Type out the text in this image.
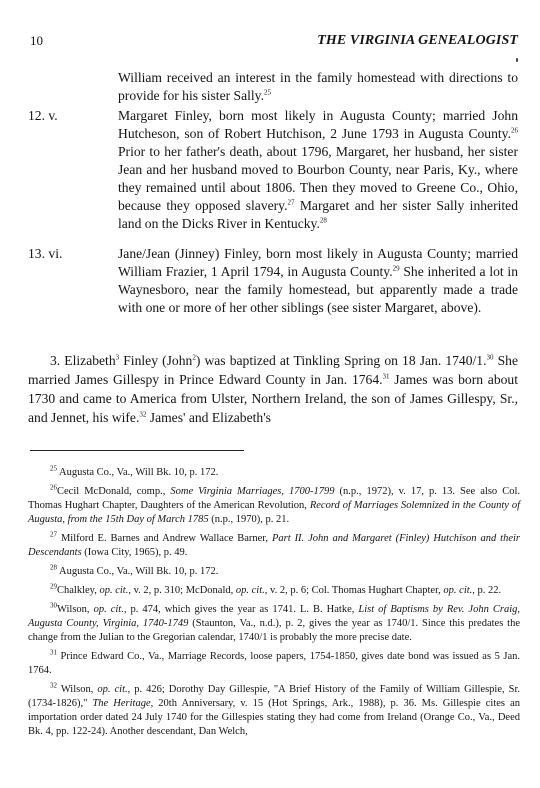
10	THE VIRGINIA GENEALOGIST
William received an interest in the family homestead with directions to provide for his sister Sally.$^{25}$
12. v.	Margaret Finley, born most likely in Augusta County; married John Hutcheson, son of Robert Hutchison, 2 June 1793 in Augusta County.$^{26}$ Prior to her father's death, about 1796, Margaret, her husband, her sister Jean and her husband moved to Bourbon County, near Paris, Ky., where they remained until about 1806. Then they moved to Greene Co., Ohio, because they opposed slavery.$^{27}$ Margaret and her sister Sally inherited land on the Dicks River in Kentucky.$^{28}$
13. vi.	Jane/Jean (Jinney) Finley, born most likely in Augusta County; married William Frazier, 1 April 1794, in Augusta County.$^{29}$ She inherited a lot in Waynesboro, near the family homestead, but apparently made a trade with one or more of her other siblings (see sister Margaret, above).
3. Elizabeth$^3$ Finley (John$^2$) was baptized at Tinkling Spring on 18 Jan. 1740/1.30 She married James Gillespy in Prince Edward County in Jan. 1764.31 James was born about 1730 and came to America from Ulster, Northern Ireland, the son of James Gillespy, Sr., and Jennet, his wife.$^{32}$ James' and Elizabeth's

$^{25}$ Augusta Co., Va., Will Bk. 10, p. 172.

$^{26}$Cecil McDonald, comp., Some Virginia Marriages, 1700-1799 (n.p., 1972), v. 17, p. 13. See also Col. Thomas Hughart Chapter, Daughters of the American Revolution, Record of Marriages Solemnized in the County of Augusta, from the 15th Day of March 1785 (n.p., 1970), p. 21.

$^{27}$ Milford E. Barnes and Andrew Wallace Barner, Part II. John and Margaret (Finley) Hutchison and their Descendants (Iowa City, 1965), p. 49.

$^{28}$ Augusta Co., Va., Will Bk. 10, p. 172.

$^{29}$Chalkley, op. cit., v. 2, p. 310; McDonald, op. cit., v. 2, p. 6; Col. Thomas Hughart Chapter, op. cit., p. 22.

$^{30}$Wilson, op. cit., p. 474, which gives the year as 1741. L. B. Hatke, List of Baptisms by Rev. John Craig, Augusta County, Virginia, 1740-1749 (Staunton, Va., n.d.), p. 2, gives the year as 1740/1. Since this predates the change from the Julian to the Gregorian calendar, 1740/1 is probably the more precise date.

$^{31}$ Prince Edward Co., Va., Marriage Records, loose papers, 1754-1850, gives date bond was issued as 5 Jan. 1764.

$^{32}$ Wilson, op. cit., p. 426; Dorothy Day Gillespie, "A Brief History of the Family of William Gillespie, Sr. (1734-1826)," The Heritage, 20th Anniversary, v. 15 (Hot Springs, Ark., 1988), p. 36. Ms. Gillespie cites an importation order dated 24 July 1740 for the Gillespies stating they had come from Ireland (Orange Co., Va., Deed Bk. 4, pp. 122-24). Another descendant, Dan Welch,
